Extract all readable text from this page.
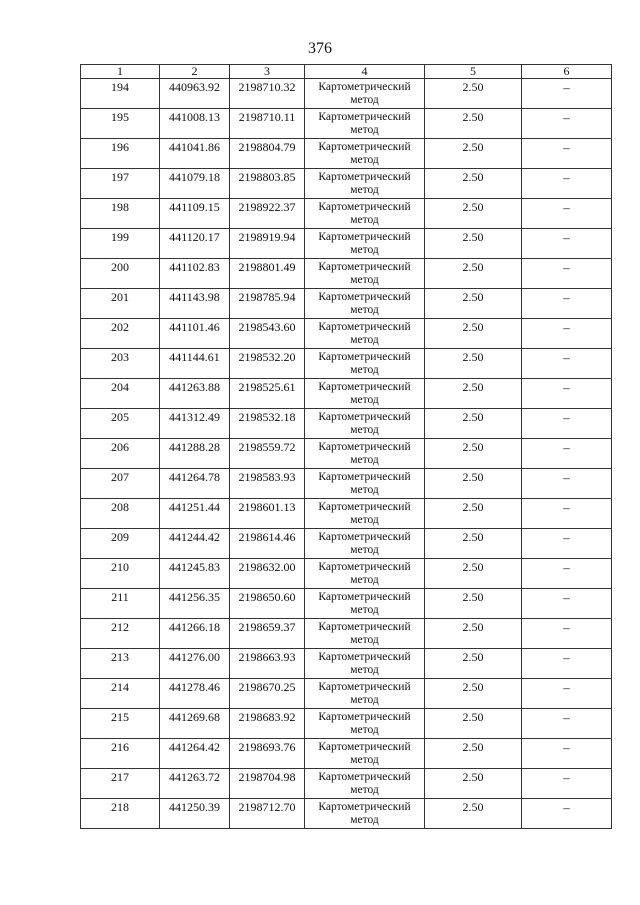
376
1	2	3	4	5	6
194	440963.92	2198710.32	Картометрический метод	2.50	–
195	441008.13	2198710.11	Картометрический метод	2.50	–
196	441041.86	2198804.79	Картометрический метод	2.50	–
197	441079.18	2198803.85	Картометрический метод	2.50	–
198	441109.15	2198922.37	Картометрический метод	2.50	–
199	441120.17	2198919.94	Картометрический метод	2.50	–
200	441102.83	2198801.49	Картометрический метод	2.50	–
201	441143.98	2198785.94	Картометрический метод	2.50	–
202	441101.46	2198543.60	Картометрический метод	2.50	–
203	441144.61	2198532.20	Картометрический метод	2.50	–
204	441263.88	2198525.61	Картометрический метод	2.50	–
205	441312.49	2198532.18	Картометрический метод	2.50	–
206	441288.28	2198559.72	Картометрический метод	2.50	–
207	441264.78	2198583.93	Картометрический метод	2.50	–
208	441251.44	2198601.13	Картометрический метод	2.50	–
209	441244.42	2198614.46	Картометрический метод	2.50	–
210	441245.83	2198632.00	Картометрический метод	2.50	–
211	441256.35	2198650.60	Картометрический метод	2.50	–
212	441266.18	2198659.37	Картометрический метод	2.50	–
213	441276.00	2198663.93	Картометрический метод	2.50	–
214	441278.46	2198670.25	Картометрический метод	2.50	–
215	441269.68	2198683.92	Картометрический метод	2.50	–
216	441264.42	2198693.76	Картометрический метод	2.50	–
217	441263.72	2198704.98	Картометрический метод	2.50	–
218	441250.39	2198712.70	Картометрический метод	2.50	–
